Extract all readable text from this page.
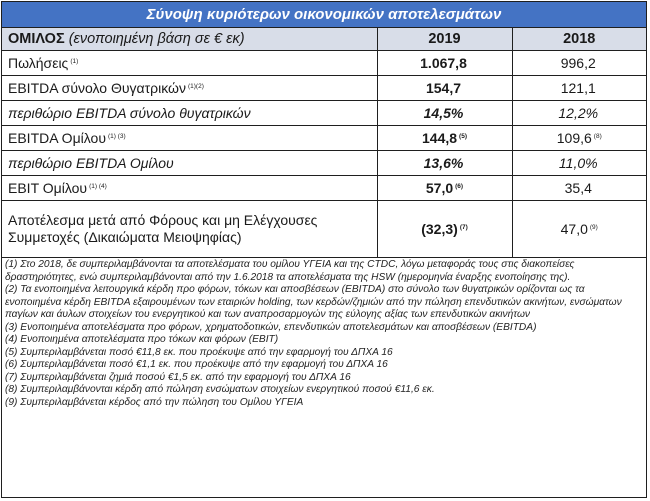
Σύνοψη κυριότερων οικονομικών αποτελεσμάτων
ΟΜΙΛΟΣ (ενοποιημένη βάση σε € εκ)	2019	2018
Πωλήσεις $^{(1)}$	1.067,8	996,2
EBITDA σύνολο Θυγατρικών $^{(1)(2)}$	154,7	121,1
περιθώριο EBITDA σύνολο θυγατρικών	14,5%	12,2%
EBITDA Ομίλου $^{(1) (3)}$	144,8 $^{(5)}$	109,6 $^{(8)}$
περιθώριο EBITDA Ομίλου	13,6%	11,0%
EBIT Ομίλου $^{(1) (4)}$	57,0 $^{(6)}$	35,4
Αποτέλεσμα μετά από Φόρους και μη Ελέγχουσες Συμμετοχές (Δικαιώματα Μειοψηφίας)	(32,3) $^{(7)}$	47,0 $^{(9)}$

(1) Στο 2018, δε συμπεριλαμβάνονται τα αποτελέσματα του ομίλου ΥΓΕΙΑ και της CTDC, λόγω μεταφοράς τους στις διακοπείσες δραστηριότητες, ενώ συμπεριλαμβάνονται από την 1.6.2018 τα αποτελέσματα της HSW (ημερομηνία έναρξης ενοποίησης της).

(2) Τα ενοποιημένα λειτουργικά κέρδη προ φόρων, τόκων και αποσβέσεων (EBITDA) στο σύνολο των θυγατρικών ορίζονται ως τα ενοποιημένα κέρδη EBITDA εξαιρουμένων των εταιριών holding, των κερδών/ζημιών από την πώληση επενδυτικών ακινήτων, ενσώματων παγίων και άυλων στοιχείων του ενεργητικού και των αναπροσαρμογών της εύλογης αξίας των επενδυτικών ακινήτων

(3) Ενοποιημένα αποτελέσματα προ φόρων, χρηματοδοτικών, επενδυτικών αποτελεσμάτων και αποσβέσεων (EBITDA)

(4) Ενοποιημένα αποτελέσματα προ τόκων και φόρων (EBIT)

(5) Συμπεριλαμβάνεται ποσό €11,8 εκ. που προέκυψε από την εφαρμογή του ΔΠΧΑ 16

(6) Συμπεριλαμβάνεται ποσό €1,1 εκ. που προέκυψε από την εφαρμογή του ΔΠΧΑ 16

(7) Συμπεριλαμβάνεται ζημιά ποσού €1,5 εκ. από την εφαρμογή του ΔΠΧΑ 16

(8) Συμπεριλαμβάνονται κέρδη από πώληση ενσώματων στοιχείων ενεργητικού ποσού €11,6 εκ.

(9) Συμπεριλαμβάνεται κέρδος από την πώληση του Ομίλου ΥΓΕΙΑ
